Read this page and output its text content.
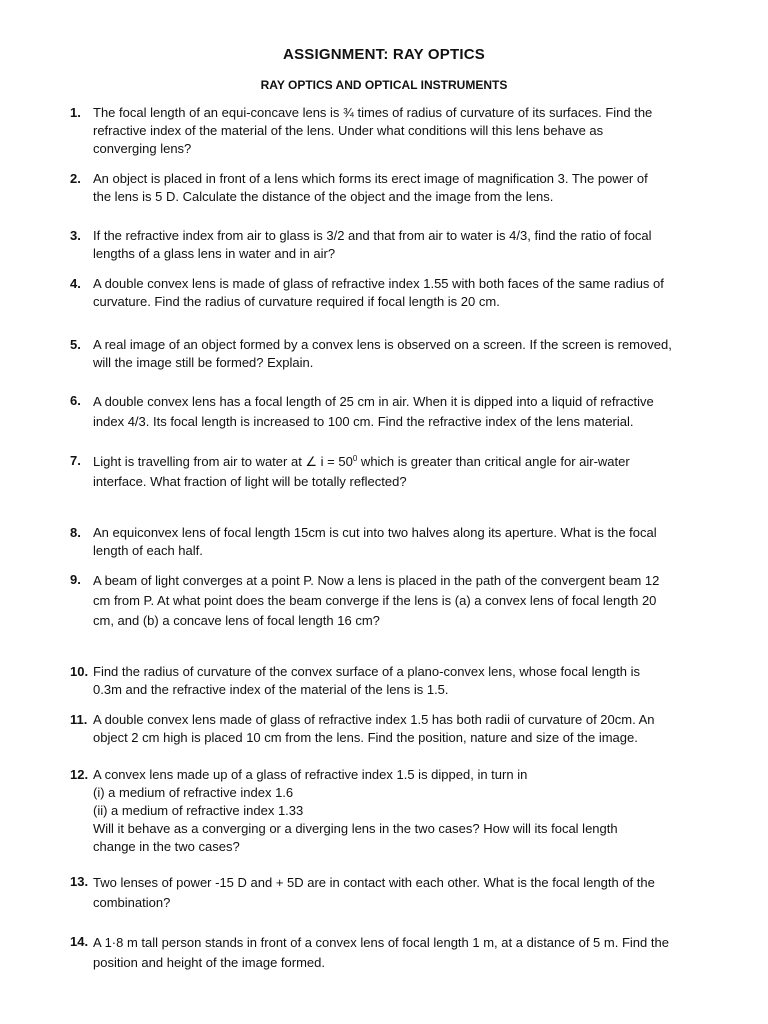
ASSIGNMENT: RAY OPTICS
RAY OPTICS AND OPTICAL INSTRUMENTS
1. The focal length of an equi-concave lens is ¾ times of radius of curvature of its surfaces. Find the
refractive index of the material of the lens. Under what conditions will this lens behave as
converging lens?
2. An object is placed in front of a lens which forms its erect image of magnification 3. The power of
the lens is 5 D. Calculate the distance of the object and the image from the lens.
3. If the refractive index from air to glass is 3/2 and that from air to water is 4/3, find the ratio of focal
lengths of a glass lens in water and in air?
4. A double convex lens is made of glass of refractive index 1.55 with both faces of the same radius of
curvature. Find the radius of curvature required if focal length is 20 cm.
5. A real image of an object formed by a convex lens is observed on a screen. If the screen is removed,
will the image still be formed? Explain.
6. A double convex lens has a focal length of 25 cm in air. When it is dipped into a liquid of refractive
index 4/3. Its focal length is increased to 100 cm. Find the refractive index of the lens material.
7. Light is travelling from air to water at ∠ $i = 50^0$ which is greater than critical angle for air-water
interface. What fraction of light will be totally reflected?
8. An equiconvex lens of focal length 15cm is cut into two halves along its aperture. What is the focal
length of each half.
9. A beam of light converges at a point P. Now a lens is placed in the path of the convergent beam 12
cm from P. At what point does the beam converge if the lens is (a) a convex lens of focal length 20
cm, and (b) a concave lens of focal length 16 cm?
10. Find the radius of curvature of the convex surface of a plano-convex lens, whose focal length is
0.3m and the refractive index of the material of the lens is 1.5.
11. A double convex lens made of glass of refractive index 1.5 has both radii of curvature of 20cm. An
object 2 cm high is placed 10 cm from the lens. Find the position, nature and size of the image.
12. A convex lens made up of a glass of refractive index 1.5 is dipped, in turn in
(i) a medium of refractive index 1.6
(ii) a medium of refractive index 1.33
Will it behave as a converging or a diverging lens in the two cases? How will its focal length
change in the two cases?
13. Two lenses of power -15 D and + 5D are in contact with each other. What is the focal length of the
combination?
14. A 1·8 m tall person stands in front of a convex lens of focal length 1 m, at a distance of 5 m. Find the
position and height of the image formed.
